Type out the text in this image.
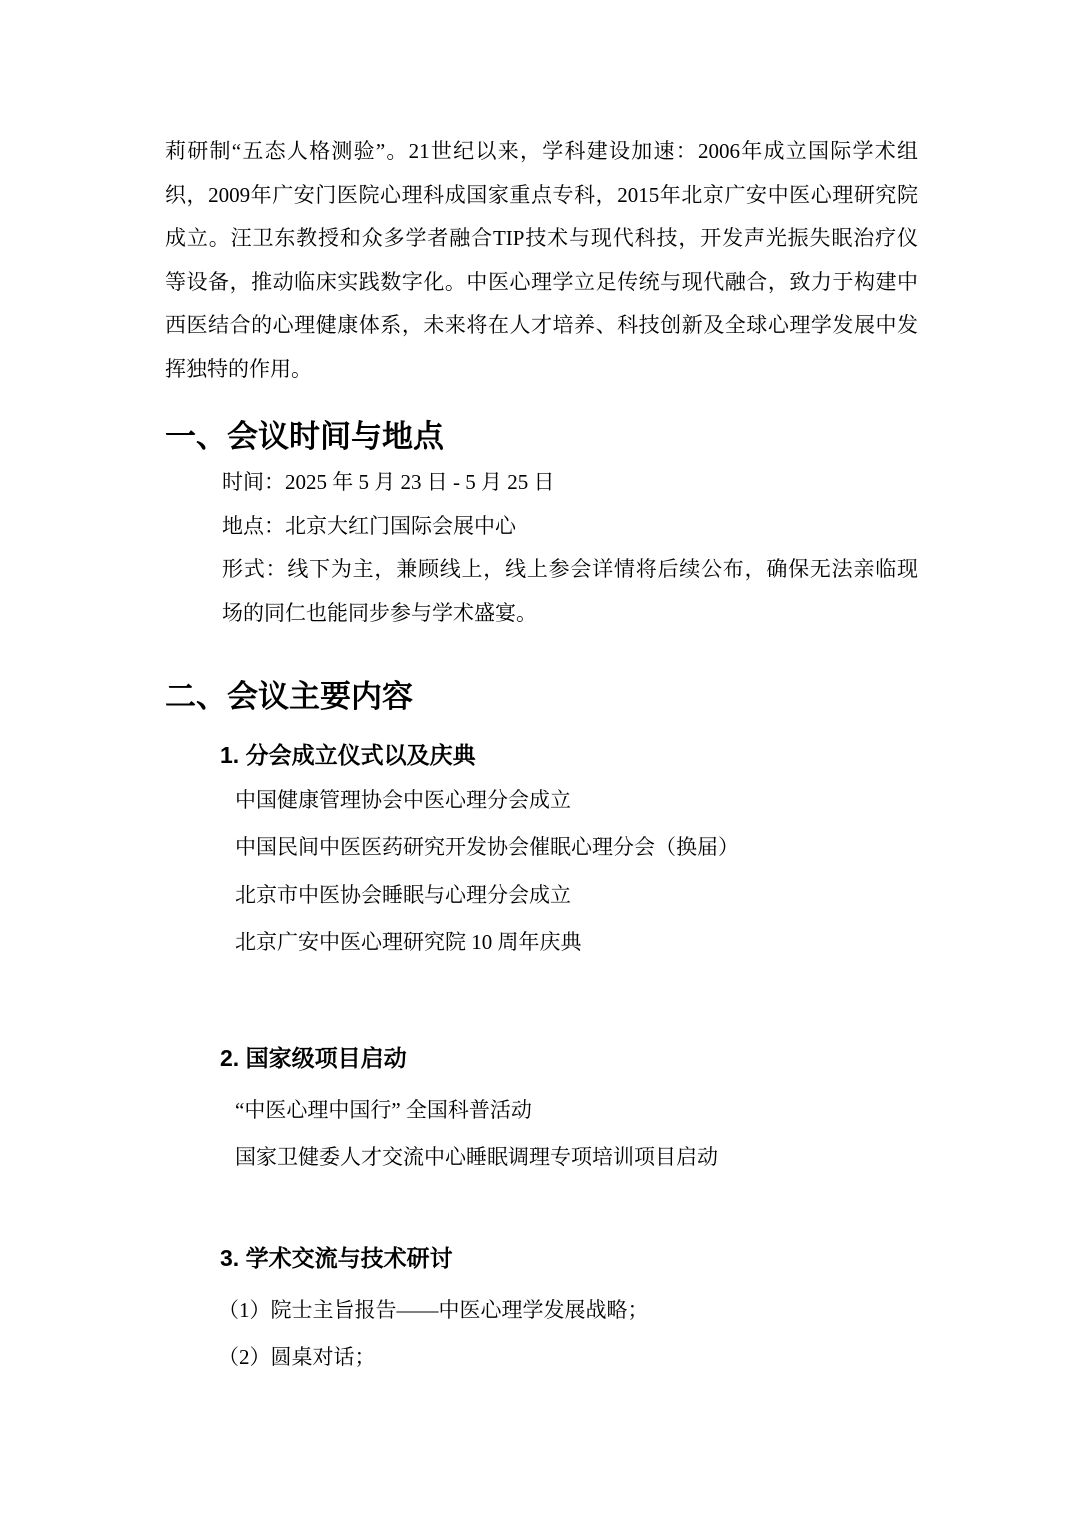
莉研制“五态人格测验”。21世纪以来，学科建设加速：2006年成立国际学术组
织，2009年广安门医院心理科成国家重点专科，2015年北京广安中医心理研究院
成立。汪卫东教授和众多学者融合TIP技术与现代科技，开发声光振失眠治疗仪
等设备，推动临床实践数字化。中医心理学立足传统与现代融合，致力于构建中
西医结合的心理健康体系，未来将在人才培养、科技创新及全球心理学发展中发
挥独特的作用。
一、会议时间与地点
时间：2025 年 5 月 23 日 - 5 月 25 日
地点：北京大红门国际会展中心
形式：线下为主，兼顾线上，线上参会详情将后续公布，确保无法亲临现
场的同仁也能同步参与学术盛宴。
二、会议主要内容
1. 分会成立仪式以及庆典
中国健康管理协会中医心理分会成立
中国民间中医医药研究开发协会催眠心理分会（换届）
北京市中医协会睡眠与心理分会成立
北京广安中医心理研究院 10 周年庆典
2. 国家级项目启动
“中医心理中国行” 全国科普活动
国家卫健委人才交流中心睡眠调理专项培训项目启动
3. 学术交流与技术研讨
（1）院士主旨报告——中医心理学发展战略；
（2）圆桌对话；
